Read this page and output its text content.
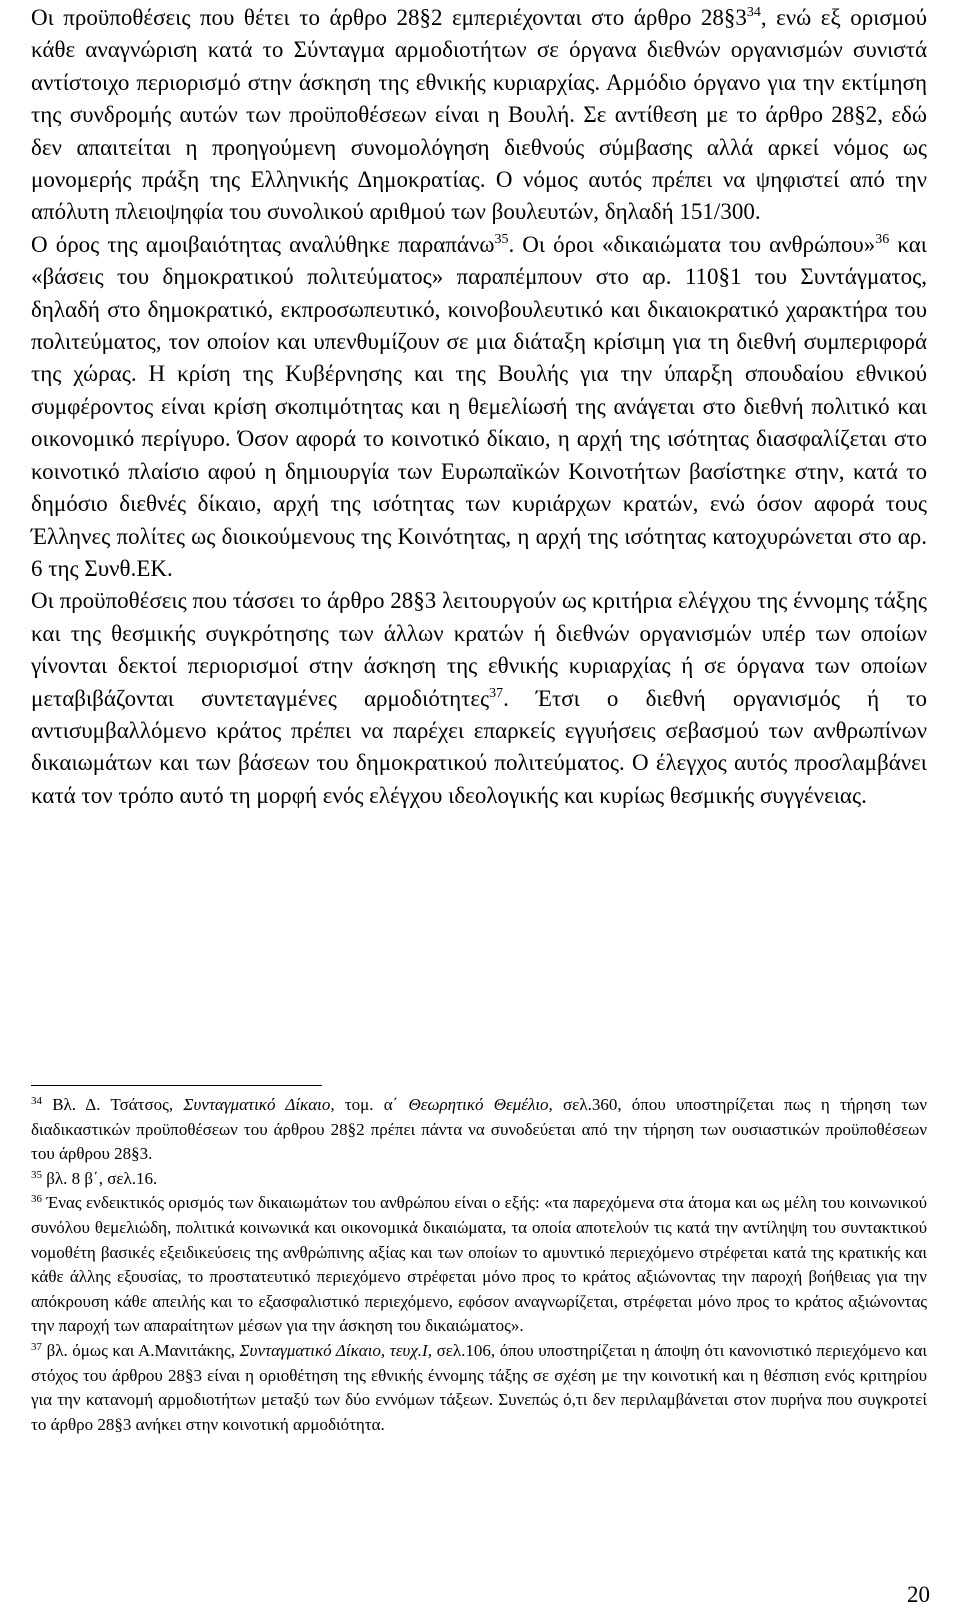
Οι προϋποθέσεις που θέτει το άρθρο 28§2 εμπεριέχονται στο άρθρο $28\S 3^{34}$, ενώ εξ ορισμού κάθε αναγνώριση κατά το Σύνταγμα αρμοδιοτήτων σε όργανα διεθνών οργανισμών συνιστά αντίστοιχο περιορισμό στην άσκηση της εθνικής κυριαρχίας. Αρμόδιο όργανο για την εκτίμηση της συνδρομής αυτών των προϋποθέσεων είναι η Βουλή. Σε αντίθεση με το άρθρο 28§2, εδώ δεν απαιτείται η προηγούμενη συνομολόγηση διεθνούς σύμβασης αλλά αρκεί νόμος ως μονομερής πράξη της Ελληνικής Δημοκρατίας. Ο νόμος αυτός πρέπει να ψηφιστεί από την απόλυτη πλειοψηφία του συνολικού αριθμού των βουλευτών, δηλαδή 151/300.

Ο όρος της αμοιβαιότητας αναλύθηκε παραπάνω$^{35}$. Οι όροι «δικαιώματα του ανθρώπου»$^{36}$ και «βάσεις του δημοκρατικού πολιτεύματος» παραπέμπουν στο αρ. 110§1 του Συντάγματος, δηλαδή στο δημοκρατικό, εκπροσωπευτικό, κοινοβουλευτικό και δικαιοκρατικό χαρακτήρα του πολιτεύματος, τον οποίον και υπενθυμίζουν σε μια διάταξη κρίσιμη για τη διεθνή συμπεριφορά της χώρας. Η κρίση της Κυβέρνησης και της Βουλής για την ύπαρξη σπουδαίου εθνικού συμφέροντος είναι κρίση σκοπιμότητας και η θεμελίωσή της ανάγεται στο διεθνή πολιτικό και οικονομικό περίγυρο. Όσον αφορά το κοινοτικό δίκαιο, η αρχή της ισότητας διασφαλίζεται στο κοινοτικό πλαίσιο αφού η δημιουργία των Ευρωπαϊκών Κοινοτήτων βασίστηκε στην, κατά το δημόσιο διεθνές δίκαιο, αρχή της ισότητας των κυριάρχων κρατών, ενώ όσον αφορά τους Έλληνες πολίτες ως διοικούμενους της Κοινότητας, η αρχή της ισότητας κατοχυρώνεται στο αρ. 6 της Συνθ.ΕΚ.

Οι προϋποθέσεις που τάσσει το άρθρο 28§3 λειτουργούν ως κριτήρια ελέγχου της έννομης τάξης και της θεσμικής συγκρότησης των άλλων κρατών ή διεθνών οργανισμών υπέρ των οποίων γίνονται δεκτοί περιορισμοί στην άσκηση της εθνικής κυριαρχίας ή σε όργανα των οποίων μεταβιβάζονται συντεταγμένες αρμοδιότητες$^{37}$. Έτσι ο διεθνή οργανισμός ή το αντισυμβαλλόμενο κράτος πρέπει να παρέχει επαρκείς εγγυήσεις σεβασμού των ανθρωπίνων δικαιωμάτων και των βάσεων του δημοκρατικού πολιτεύματος. Ο έλεγχος αυτός προσλαμβάνει κατά τον τρόπο αυτό τη μορφή ενός ελέγχου ιδεολογικής και κυρίως θεσμικής συγγένειας.

$^{34}$ Βλ. Δ. Τσάτσος, Συνταγματικό Δίκαιο, τομ. α΄ Θεωρητικό Θεμέλιο, σελ.360, όπου υποστηρίζεται πως η τήρηση των διαδικαστικών προϋποθέσεων του άρθρου 28§2 πρέπει πάντα να συνοδεύεται από την τήρηση των ουσιαστικών προϋποθέσεων του άρθρου 28§3.

$^{35}$ βλ. 8 β΄, σελ.16.

$^{36}$ Ένας ενδεικτικός ορισμός των δικαιωμάτων του ανθρώπου είναι ο εξής: «τα παρεχόμενα στα άτομα και ως μέλη του κοινωνικού συνόλου θεμελιώδη, πολιτικά κοινωνικά και οικονομικά δικαιώματα, τα οποία αποτελούν τις κατά την αντίληψη του συντακτικού νομοθέτη βασικές εξειδικεύσεις της ανθρώπινης αξίας και των οποίων το αμυντικό περιεχόμενο στρέφεται κατά της κρατικής και κάθε άλλης εξουσίας, το προστατευτικό περιεχόμενο στρέφεται μόνο προς το κράτος αξιώνοντας την παροχή βοήθειας για την απόκρουση κάθε απειλής και το εξασφαλιστικό περιεχόμενο, εφόσον αναγνωρίζεται, στρέφεται μόνο προς το κράτος αξιώνοντας την παροχή των απαραίτητων μέσων για την άσκηση του δικαιώματος».

$^{37}$ βλ. όμως και Α.Μανιτάκης, Συνταγματικό Δίκαιο, τευχ.Ι, σελ.106, όπου υποστηρίζεται η άποψη ότι κανονιστικό περιεχόμενο και στόχος του άρθρου 28§3 είναι η οριοθέτηση της εθνικής έννομης τάξης σε σχέση με την κοινοτική και η θέσπιση ενός κριτηρίου για την κατανομή αρμοδιοτήτων μεταξύ των δύο εννόμων τάξεων. Συνεπώς ό,τι δεν περιλαμβάνεται στον πυρήνα που συγκροτεί το άρθρο 28§3 ανήκει στην κοινοτική αρμοδιότητα.

20
